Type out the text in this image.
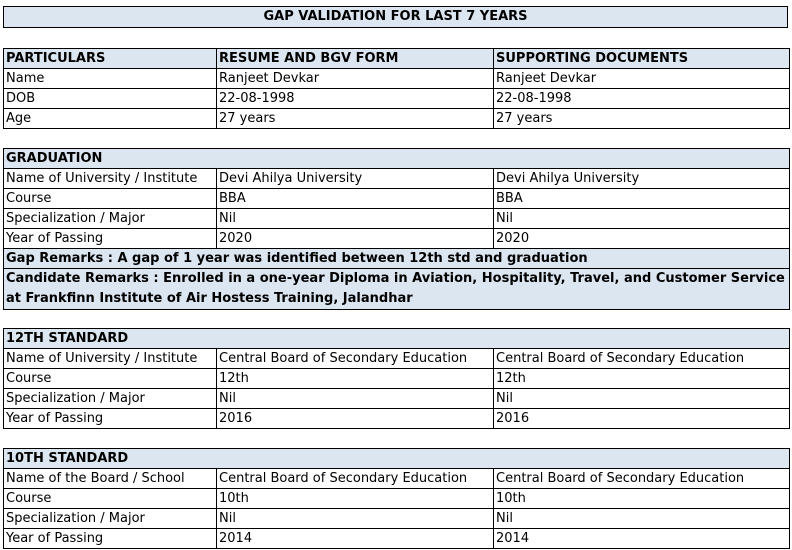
GAP VALIDATION FOR LAST 7 YEARS
PARTICULARS	RESUME AND BGV FORM	SUPPORTING DOCUMENTS
Name	Ranjeet Devkar	Ranjeet Devkar
DOB	22-08-1998	22-08-1998
Age	27 years	27 years
GRADUATION		
Name of University / Institute	Devi Ahilya University	Devi Ahilya University
Course	BBA	BBA
Specialization / Major	Nil	Nil
Year of Passing	2020	2020
Gap Remarks : A gap of 1 year was identified between 12th std and graduation		
Candidate Remarks : Enrolled in a one-year Diploma in Aviation, Hospitality, Travel, and Customer Service at Frankfinn Institute of Air Hostess Training, Jalandhar		
12TH STANDARD		
Name of University / Institute	Central Board of Secondary Education	Central Board of Secondary Education
Course	12th	12th
Specialization / Major	Nil	Nil
Year of Passing	2016	2016
10TH STANDARD		
Name of the Board / School	Central Board of Secondary Education	Central Board of Secondary Education
Course	10th	10th
Specialization / Major	Nil	Nil
Year of Passing	2014	2014
